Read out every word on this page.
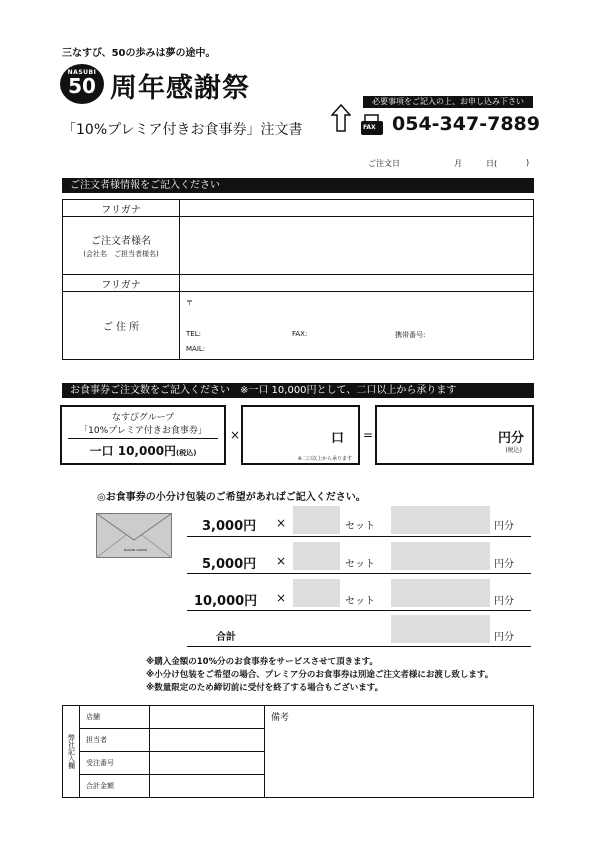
三なすび、50の歩みは夢の途中。
NASUBI
50 周年感謝祭
「10%プレミア付きお食事券」注文書
必要事項をご記入の上、お申し込み下さい
FAX 054-347-7889
ご注文日	月	日(	)
ご注文者様情報をご記入ください
フリガナ	

ご注文者様名
(会社名　ご担当者様名)	

フリガナ	
ご 住 所	〒
TEL: FAX: 携帯番号:
MAIL:
お食事券ご注文数をご記入ください　※一口 10,000円として、二口以上から承ります
なすびグループ
「10%プレミア付きお食事券」
一口 10,000円(税込)
×	口
※二口以上から承ります
=	円分
(税込)
◎お食事券の小分け包装のご希望があればご記入ください。
NASUBI GROUP
3,000円 ×	セット	円分
5,000円 ×	セット	円分
10,000円 ×	セット	円分
合計	円分
※購入金額の10%分のお食事券をサービスさせて頂きます。
※小分け包装をご希望の場合、プレミア分のお食事券は別途ご注文者様にお渡し致します。
※数量限定のため締切前に受付を終了する場合もございます。
弊社記入欄	店舗		備考
	担当者		
	受注番号		
	合計金額		
